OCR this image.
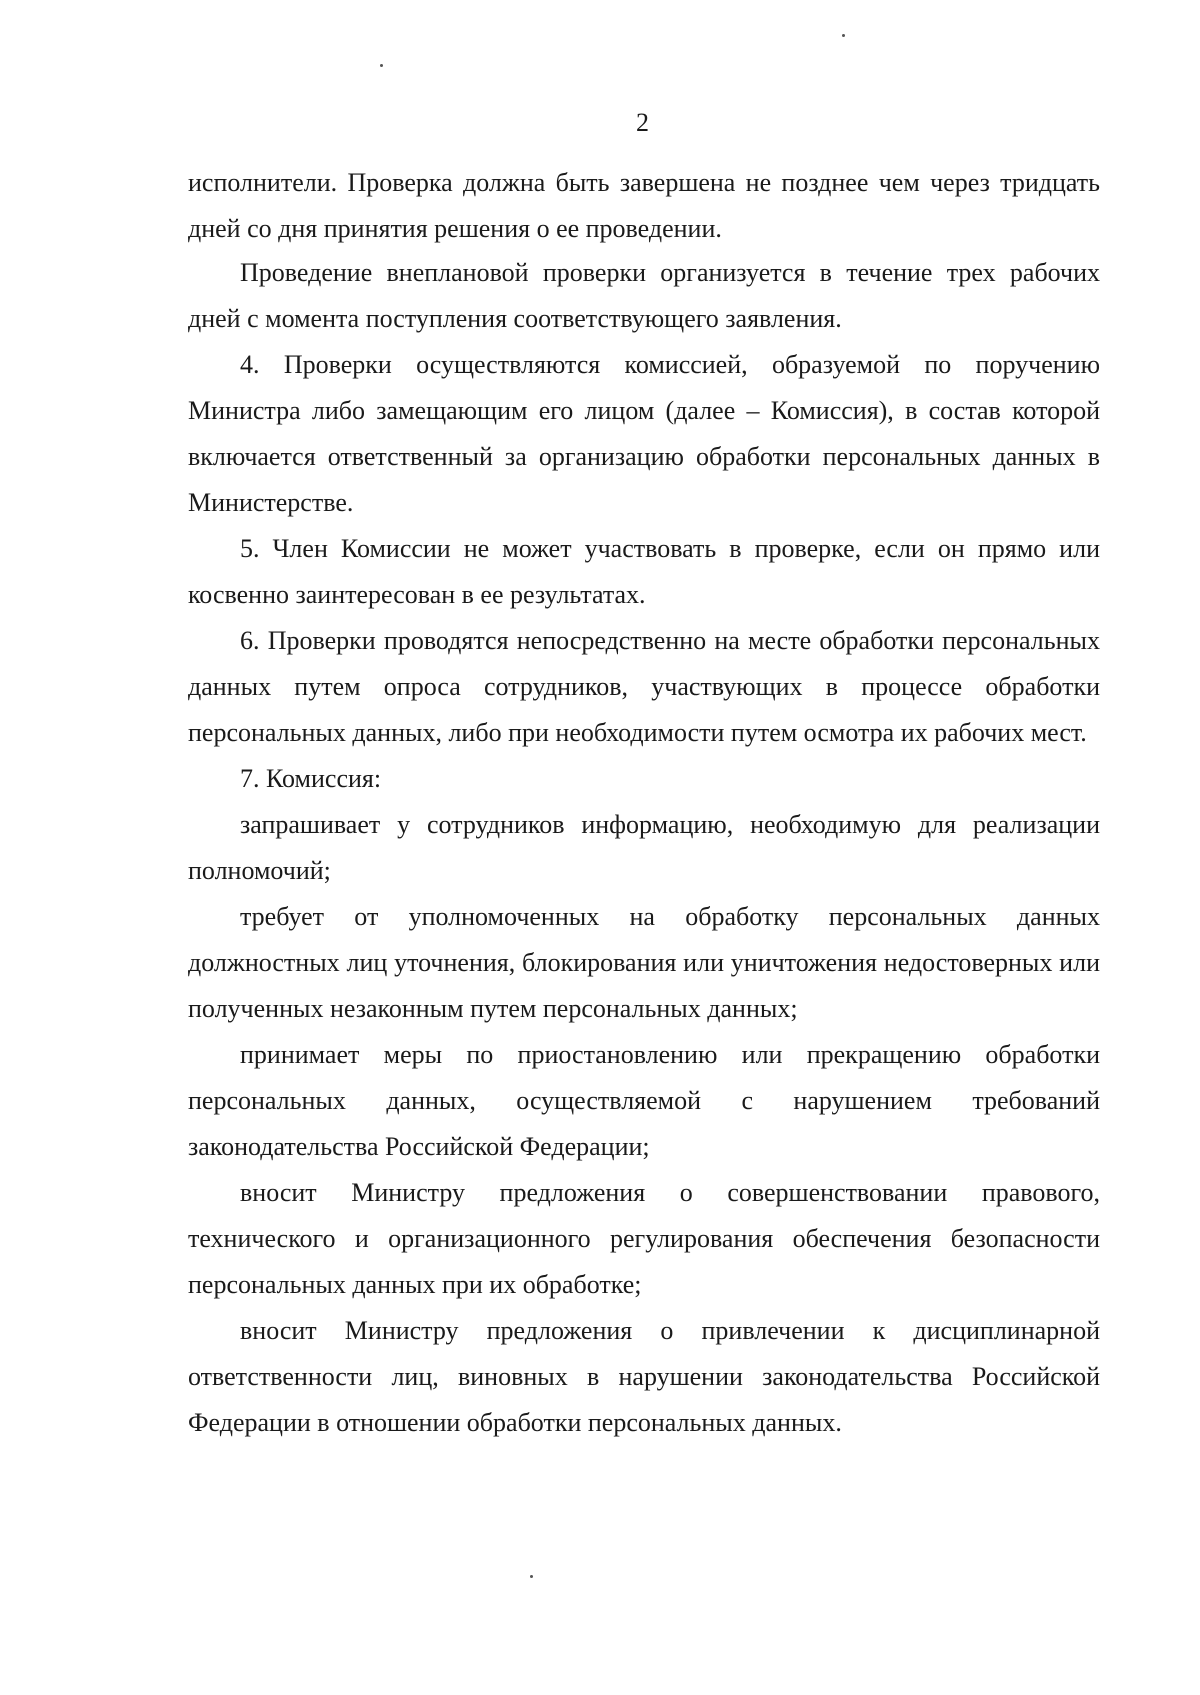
2

исполнители. Проверка должна быть завершена не позднее чем через тридцать дней со дня принятия решения о ее проведении.

Проведение внеплановой проверки организуется в течение трех рабочих дней с момента поступления соответствующего заявления.

4. Проверки осуществляются комиссией, образуемой по поручению Министра либо замещающим его лицом (далее – Комиссия), в состав которой включается ответственный за организацию обработки персональных данных в Министерстве.

5. Член Комиссии не может участвовать в проверке, если он прямо или косвенно заинтересован в ее результатах.

6. Проверки проводятся непосредственно на месте обработки персональных данных путем опроса сотрудников, участвующих в процессе обработки персональных данных, либо при необходимости путем осмотра их рабочих мест.

7. Комиссия:

запрашивает у сотрудников информацию, необходимую для реализации полномочий;

требует от уполномоченных на обработку персональных данных должностных лиц уточнения, блокирования или уничтожения недостоверных или полученных незаконным путем персональных данных;

принимает меры по приостановлению или прекращению обработки персональных данных, осуществляемой с нарушением требований законодательства Российской Федерации;

вносит Министру предложения о совершенствовании правового, технического и организационного регулирования обеспечения безопасности персональных данных при их обработке;

вносит Министру предложения о привлечении к дисциплинарной ответственности лиц, виновных в нарушении законодательства Российской Федерации в отношении обработки персональных данных.
